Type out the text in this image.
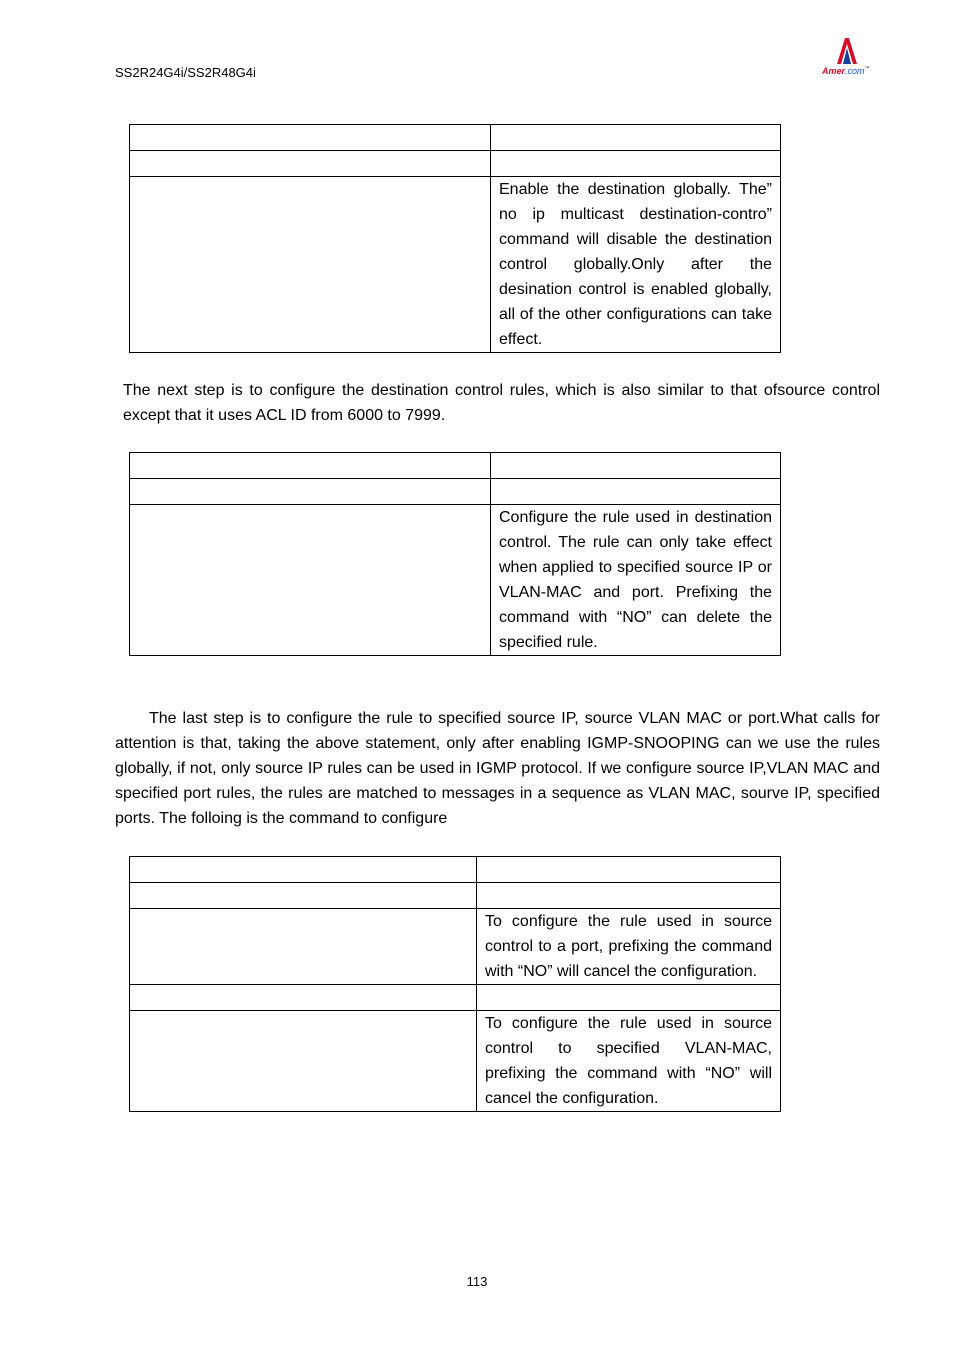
SS2R24G4i/SS2R48G4i	Amer.com™

	Enable the destination globally. The” no ip multicast destination-contro” command will disable the destination control globally.Only after the desination control is enabled globally, all of the other configurations can take effect.

The next step is to configure the destination control rules, which is also similar to that ofsource control except that it uses ACL ID from 6000 to 7999.

	Configure the rule used in destination control. The rule can only take effect when applied to specified source IP or VLAN-MAC and port. Prefixing the command with “NO” can delete the specified rule.

The last step is to configure the rule to specified source IP, source VLAN MAC or port.What calls for attention is that, taking the above statement, only after enabling IGMP-SNOOPING can we use the rules globally, if not, only source IP rules can be used in IGMP protocol. If we configure source IP,VLAN MAC and specified port rules, the rules are matched to messages in a sequence as VLAN MAC, sourve IP, specified ports. The folloing is the command to configure

	To configure the rule used in source control to a port, prefixing the command with “NO” will cancel the configuration.

	To configure the rule used in source control to specified VLAN-MAC, prefixing the command with “NO” will cancel the configuration.
113
